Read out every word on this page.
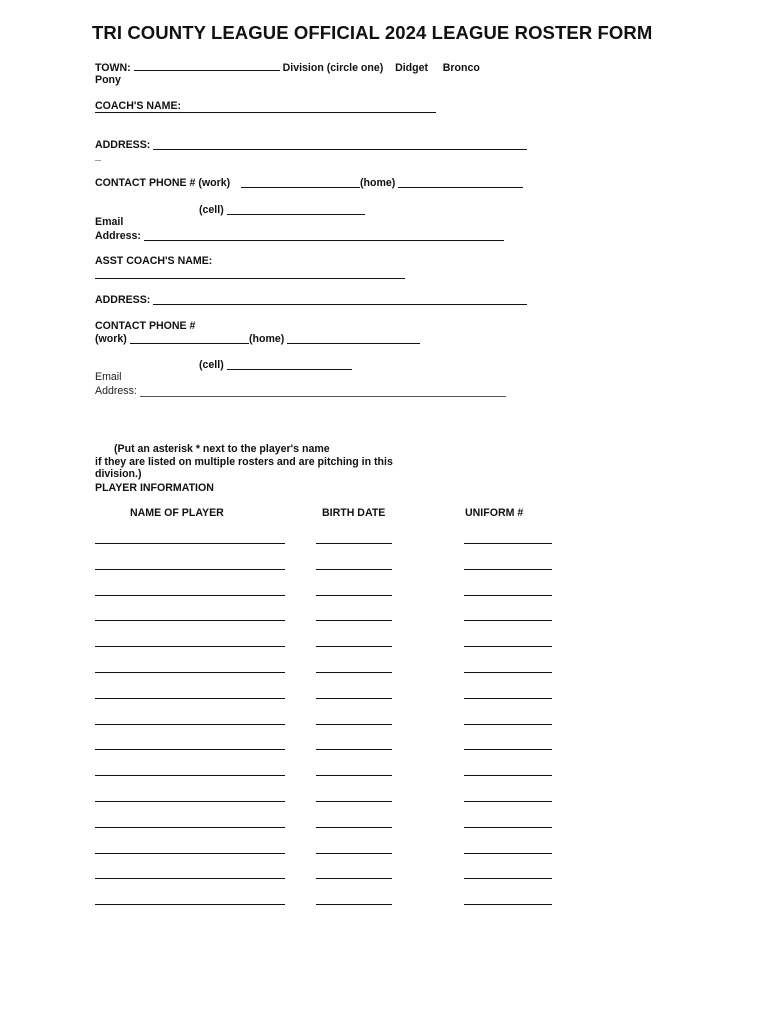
TRI COUNTY LEAGUE OFFICIAL 2024 LEAGUE ROSTER FORM
TOWN:	Division (circle one) Didget Bronco
Pony
COACH'S NAME:
ADDRESS:
_
CONTACT PHONE # (work)	(home)
(cell)
Email
Address:
ASST COACH'S NAME:
ADDRESS:
CONTACT PHONE #
(work)	(home)
(cell)
Email
Address:
(Put an asterisk * next to the player's name
if they are listed on multiple rosters and are pitching in this
division.)
PLAYER INFORMATION
NAME OF PLAYER	BIRTH DATE	UNIFORM #
